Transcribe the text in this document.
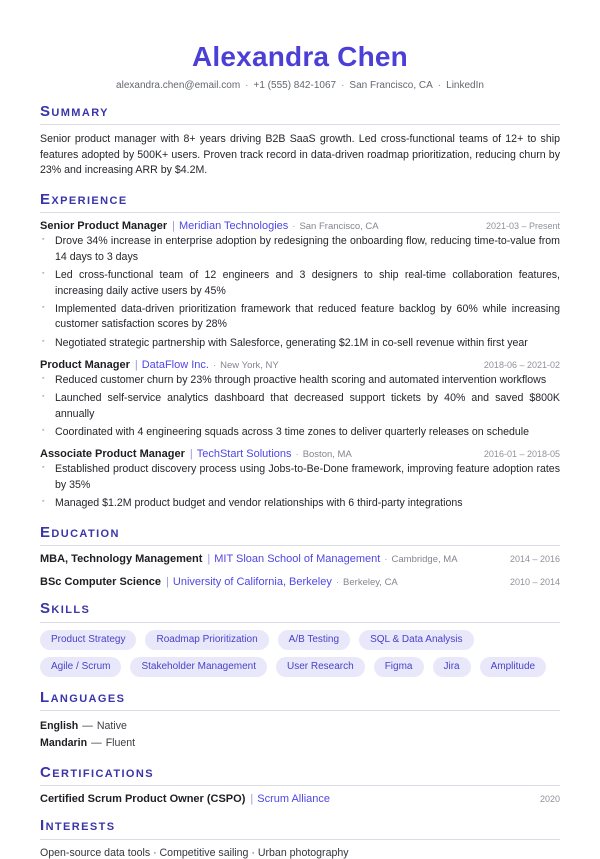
Alexandra Chen
alexandra.chen@email.com · +1 (555) 842-1067 · San Francisco, CA · LinkedIn
Summary
Senior product manager with 8+ years driving B2B SaaS growth. Led cross-functional teams of 12+ to ship features adopted by 500K+ users. Proven track record in data-driven roadmap prioritization, reducing churn by 23% and increasing ARR by $4.2M.
Experience
Senior Product Manager | Meridian Technologies · San Francisco, CA	2021-03 – Present
▪ Drove 34% increase in enterprise adoption by redesigning the onboarding flow, reducing time-to-value from 14 days to 3 days
▪ Led cross-functional team of 12 engineers and 3 designers to ship real-time collaboration features, increasing daily active users by 45%
▪ Implemented data-driven prioritization framework that reduced feature backlog by 60% while increasing customer satisfaction scores by 28%
▪ Negotiated strategic partnership with Salesforce, generating $2.1M in co-sell revenue within first year
Product Manager | DataFlow Inc. · New York, NY	2018-06 – 2021-02
▪ Reduced customer churn by 23% through proactive health scoring and automated intervention workflows
▪ Launched self-service analytics dashboard that decreased support tickets by 40% and saved $800K annually
▪ Coordinated with 4 engineering squads across 3 time zones to deliver quarterly releases on schedule
Associate Product Manager | TechStart Solutions · Boston, MA	2016-01 – 2018-05
▪ Established product discovery process using Jobs-to-Be-Done framework, improving feature adoption rates by 35%
▪ Managed $1.2M product budget and vendor relationships with 6 third-party integrations
Education
MBA, Technology Management | MIT Sloan School of Management · Cambridge, MA	2014 – 2016
BSc Computer Science | University of California, Berkeley · Berkeley, CA	2010 – 2014
Skills
Product Strategy	Roadmap Prioritization	A/B Testing	SQL & Data Analysis
Agile / Scrum	Stakeholder Management	User Research	Figma	Jira	Amplitude
Languages
English — Native
Mandarin — Fluent
Certifications
Certified Scrum Product Owner (CSPO) | Scrum Alliance	2020
Interests
Open-source data tools · Competitive sailing · Urban photography
